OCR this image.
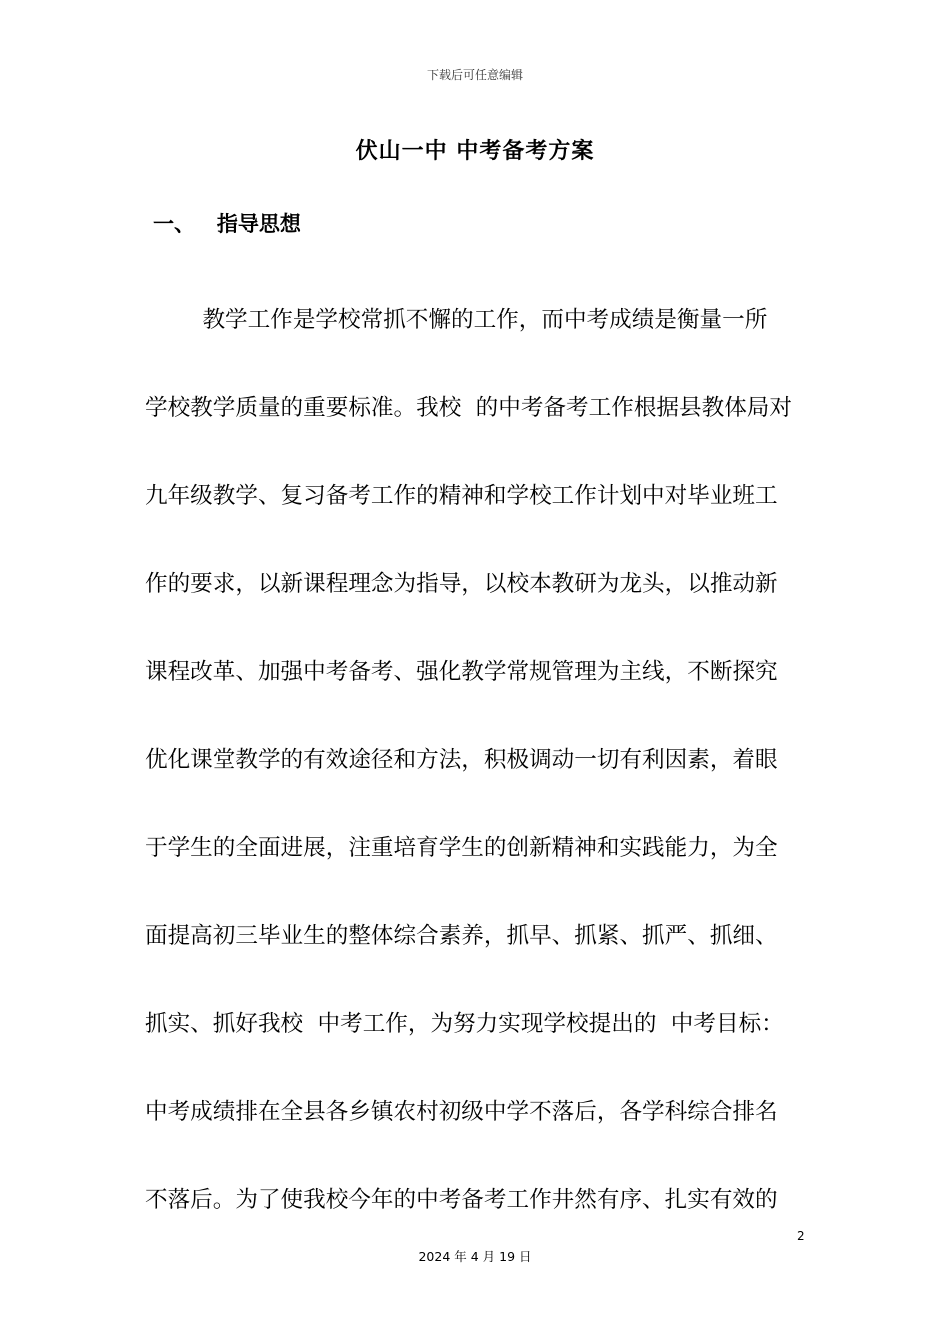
下载后可任意编辑
伏山一中 中考备考方案
一、   指导思想
教学工作是学校常抓不懈的工作，而中考成绩是衡量一所
学校教学质量的重要标准。我校  的中考备考工作根据县教体局对
九年级教学、复习备考工作的精神和学校工作计划中对毕业班工
作的要求，以新课程理念为指导，以校本教研为龙头，以推动新
课程改革、加强中考备考、强化教学常规管理为主线，不断探究
优化课堂教学的有效途径和方法，积极调动一切有利因素，着眼
于学生的全面进展，注重培育学生的创新精神和实践能力，为全
面提高初三毕业生的整体综合素养，抓早、抓紧、抓严、抓细、
抓实、抓好我校  中考工作，为努力实现学校提出的  中考目标：
中考成绩排在全县各乡镇农村初级中学不落后，各学科综合排名
不落后。为了使我校今年的中考备考工作井然有序、扎实有效的
2
2024 年 4 月 19 日
